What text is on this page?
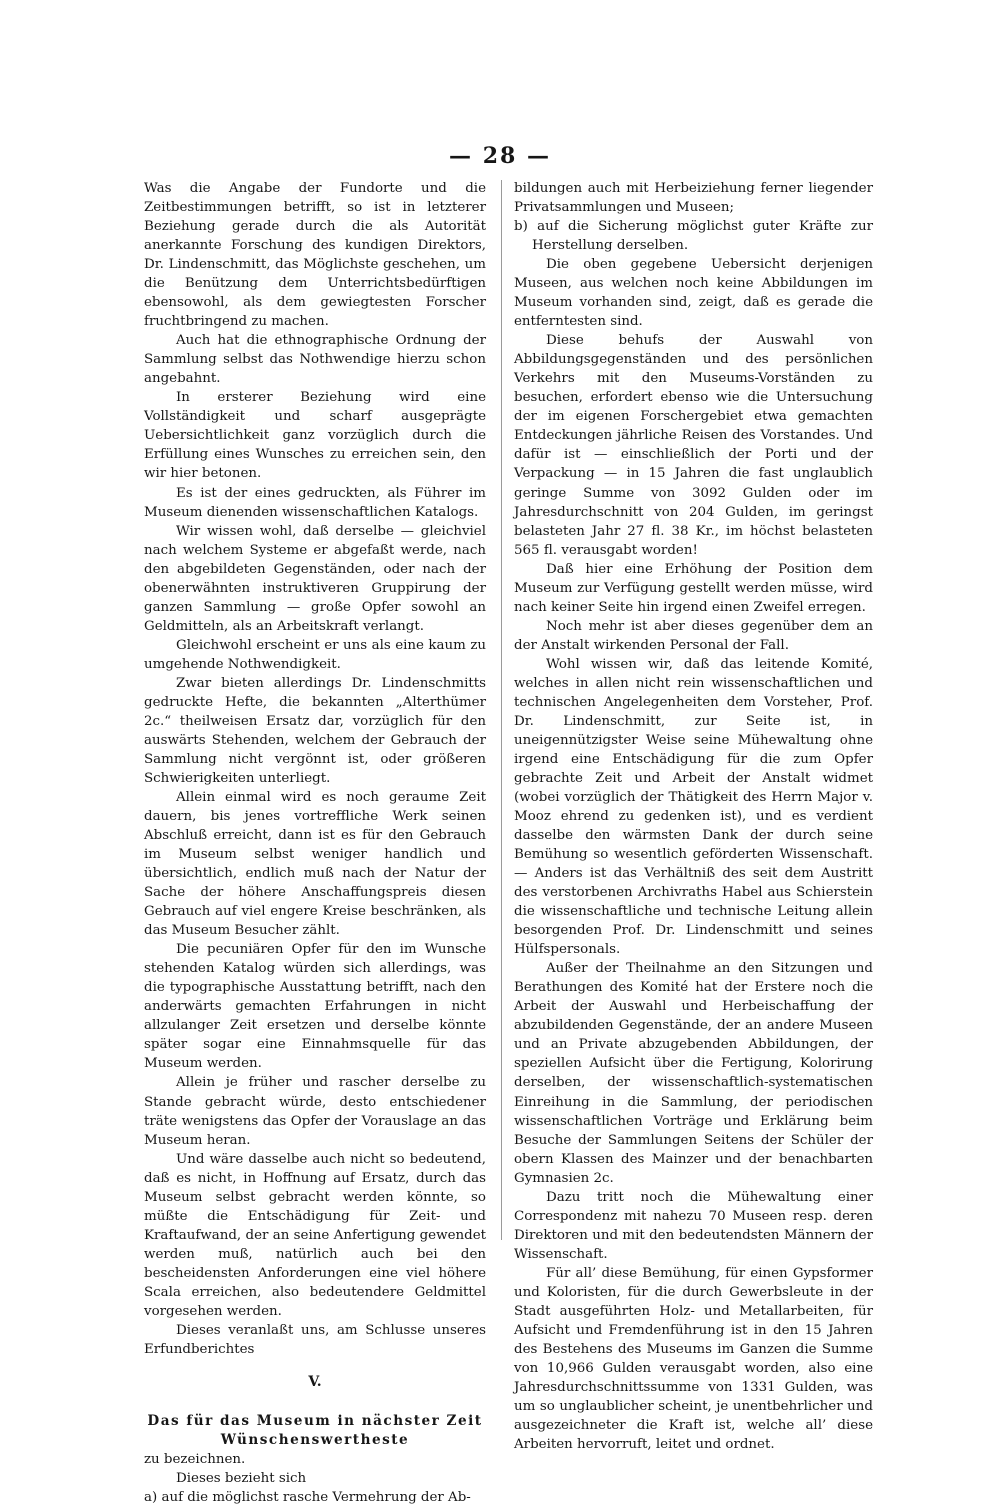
— 28 —

Was die Angabe der Fundorte und die Zeitbestimmungen betrifft, so ist in letzterer Beziehung gerade durch die als Autorität anerkannte Forschung des kundigen Direktors, Dr. Lindenschmitt, das Möglichste geschehen, um die Benützung dem Unterrichtsbedürftigen ebensowohl, als dem gewiegtesten Forscher fruchtbringend zu machen.

Auch hat die ethnographische Ordnung der Sammlung selbst das Nothwendige hierzu schon angebahnt.

In ersterer Beziehung wird eine Vollständigkeit und scharf ausgeprägte Uebersichtlichkeit ganz vorzüglich durch die Erfüllung eines Wunsches zu erreichen sein, den wir hier betonen.

Es ist der eines gedruckten, als Führer im Museum dienenden wissenschaftlichen Katalogs.

Wir wissen wohl, daß derselbe — gleichviel nach welchem Systeme er abgefaßt werde, nach den abgebildeten Gegenständen, oder nach der obenerwähnten instruktiveren Gruppirung der ganzen Sammlung — große Opfer sowohl an Geldmitteln, als an Arbeitskraft verlangt.

Gleichwohl erscheint er uns als eine kaum zu umgehende Nothwendigkeit.

Zwar bieten allerdings Dr. Lindenschmitts gedruckte Hefte, die bekannten „Alterthümer 2c.“ theilweisen Ersatz dar, vorzüglich für den auswärts Stehenden, welchem der Gebrauch der Sammlung nicht vergönnt ist, oder größeren Schwierigkeiten unterliegt.

Allein einmal wird es noch geraume Zeit dauern, bis jenes vortreffliche Werk seinen Abschluß erreicht, dann ist es für den Gebrauch im Museum selbst weniger handlich und übersichtlich, endlich muß nach der Natur der Sache der höhere Anschaffungspreis diesen Gebrauch auf viel engere Kreise beschränken, als das Museum Besucher zählt.

Die pecuniären Opfer für den im Wunsche stehenden Katalog würden sich allerdings, was die typographische Ausstattung betrifft, nach den anderwärts gemachten Erfahrungen in nicht allzulanger Zeit ersetzen und derselbe könnte später sogar eine Einnahmsquelle für das Museum werden.

Allein je früher und rascher derselbe zu Stande gebracht würde, desto entschiedener träte wenigstens das Opfer der Vorauslage an das Museum heran.

Und wäre dasselbe auch nicht so bedeutend, daß es nicht, in Hoffnung auf Ersatz, durch das Museum selbst gebracht werden könnte, so müßte die Entschädigung für Zeit- und Kraftaufwand, der an seine Anfertigung gewendet werden muß, natürlich auch bei den bescheidensten Anforderungen eine viel höhere Scala erreichen, also bedeutendere Geldmittel vorgesehen werden.

Dieses veranlaßt uns, am Schlusse unseres Erfundberichtes

V.
Das für das Museum in nächster Zeit
Wünschenswertheste

zu bezeichnen.

Dieses bezieht sich

a) auf die möglichst rasche Vermehrung der Ab-

bildungen auch mit Herbeiziehung ferner liegender Privatsammlungen und Museen;

b) auf die Sicherung möglichst guter Kräfte zur Herstellung derselben.

Die oben gegebene Uebersicht derjenigen Museen, aus welchen noch keine Abbildungen im Museum vorhanden sind, zeigt, daß es gerade die entferntesten sind.

Diese behufs der Auswahl von Abbildungsgegenständen und des persönlichen Verkehrs mit den Museums-Vorständen zu besuchen, erfordert ebenso wie die Untersuchung der im eigenen Forschergebiet etwa gemachten Entdeckungen jährliche Reisen des Vorstandes. Und dafür ist — einschließlich der Porti und der Verpackung — in 15 Jahren die fast unglaublich geringe Summe von 3092 Gulden oder im Jahresdurchschnitt von 204 Gulden, im geringst belasteten Jahr 27 fl. 38 Kr., im höchst belasteten 565 fl. verausgabt worden!

Daß hier eine Erhöhung der Position dem Museum zur Verfügung gestellt werden müsse, wird nach keiner Seite hin irgend einen Zweifel erregen.

Noch mehr ist aber dieses gegenüber dem an der Anstalt wirkenden Personal der Fall.

Wohl wissen wir, daß das leitende Komité, welches in allen nicht rein wissenschaftlichen und technischen Angelegenheiten dem Vorsteher, Prof. Dr. Lindenschmitt, zur Seite ist, in uneigennützigster Weise seine Mühewaltung ohne irgend eine Entschädigung für die zum Opfer gebrachte Zeit und Arbeit der Anstalt widmet (wobei vorzüglich der Thätigkeit des Herrn Major v. Mooz ehrend zu gedenken ist), und es verdient dasselbe den wärmsten Dank der durch seine Bemühung so wesentlich geförderten Wissenschaft. — Anders ist das Verhältniß des seit dem Austritt des verstorbenen Archivraths Habel aus Schierstein die wissenschaftliche und technische Leitung allein besorgenden Prof. Dr. Lindenschmitt und seines Hülfspersonals.

Außer der Theilnahme an den Sitzungen und Berathungen des Komité hat der Erstere noch die Arbeit der Auswahl und Herbeischaffung der abzubildenden Gegenstände, der an andere Museen und an Private abzugebenden Abbildungen, der speziellen Aufsicht über die Fertigung, Kolorirung derselben, der wissenschaftlich-systematischen Einreihung in die Sammlung, der periodischen wissenschaftlichen Vorträge und Erklärung beim Besuche der Sammlungen Seitens der Schüler der obern Klassen des Mainzer und der benachbarten Gymnasien 2c.

Dazu tritt noch die Mühewaltung einer Correspondenz mit nahezu 70 Museen resp. deren Direktoren und mit den bedeutendsten Männern der Wissenschaft.

Für all’ diese Bemühung, für einen Gypsformer und Koloristen, für die durch Gewerbsleute in der Stadt ausgeführten Holz- und Metallarbeiten, für Aufsicht und Fremdenführung ist in den 15 Jahren des Bestehens des Museums im Ganzen die Summe von 10,966 Gulden verausgabt worden, also eine Jahresdurchschnittssumme von 1331 Gulden, was um so unglaublicher scheint, je unentbehrlicher und ausgezeichneter die Kraft ist, welche all’ diese Arbeiten hervorruft, leitet und ordnet.
